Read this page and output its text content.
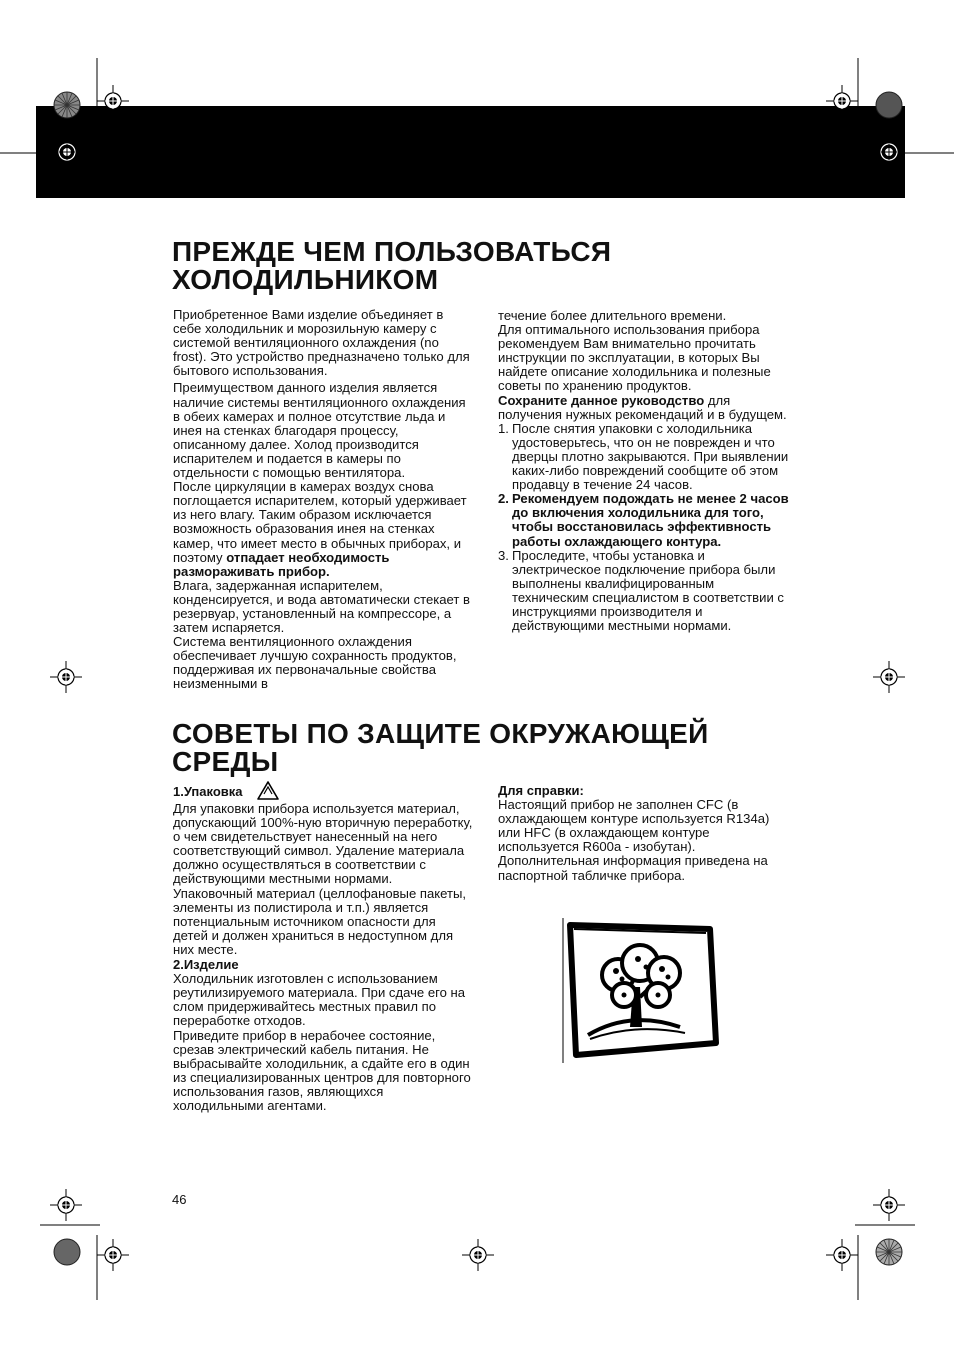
ПРЕЖДЕ ЧЕМ ПОЛЬЗОВАТЬСЯ
ХОЛОДИЛЬНИКОМ

Приобретенное Вами изделие объединяет в себе холодильник и морозильную камеру с системой вентиляционного охлаждения (no frost). Это устройство предназначено только для бытового использования.

Преимуществом данного изделия является наличие системы вентиляционного охлаждения в обеих камерах и полное отсутствие льда и инея на стенках благодаря процессу, описанному далее. Холод производится испарителем и подается в камеры по отдельности с помощью вентилятора.

После циркуляции в камерах воздух снова поглощается испарителем, который удерживает из него влагу. Таким образом исключается возможность образования инея на стенках камер, что имеет место в обычных приборах, и поэтому отпадает необходимость размораживать прибор.

Влага, задержанная испарителем, конденсируется, и вода автоматически стекает в резервуар, установленный на компрессоре, а затем испаряется.

Система вентиляционного охлаждения обеспечивает лучшую сохранность продуктов, поддерживая их первоначальные свойства неизменными в

течение более длительного времени.

Для оптимального использования прибора рекомендуем Вам внимательно прочитать инструкции по эксплуатации, в которых Вы найдете описание холодильника и полезные советы по хранению продуктов.

Сохраните данное руководство для получения нужных рекомендаций и в будущем.

1. После снятия упаковки с холодильника удостоверьтесь, что он не поврежден и что дверцы плотно закрываются. При выявлении каких-либо повреждений сообщите об этом продавцу в течение 24 часов.
2. Рекомендуем подождать не менее 2 часов до включения холодильника для того, чтобы восстановилась эффективность работы охлаждающего контура.
3. Проследите, чтобы установка и электрическое подключение прибора были выполнены квалифицированным техническим специалистом в соответствии с инструкциями производителя и действующими местными нормами.
СОВЕТЫ ПО ЗАЩИТЕ ОКРУЖАЮЩЕЙ
СРЕДЫ

1.Упаковка

Для упаковки прибора используется материал, допускающий 100%-ную вторичную переработку, о чем свидетельствует нанесенный на него соответствующий символ. Удаление материала должно осуществляться в соответствии с действующими местными нормами.

Упаковочный материал (целлофановые пакеты, элементы из полистирола и т.п.) является потенциальным источником опасности для детей и должен храниться в недоступном для них месте.

2.Изделие

Холодильник изготовлен с использованием реутилизируемого материала. При сдаче его на слом придерживайтесь местных правил по переработке отходов.

Приведите прибор в нерабочее состояние, срезав электрический кабель питания. Не выбрасывайте холодильник, а сдайте его в один из специализированных центров для повторного использования газов, являющихся холодильными агентами.

Для справки:

Настоящий прибор не заполнен CFC (в охлаждающем контуре используется R134a) или HFC (в охлаждающем контуре используется R600a - изобутан). Дополнительная информация приведена на паспортной табличке прибора.

46
